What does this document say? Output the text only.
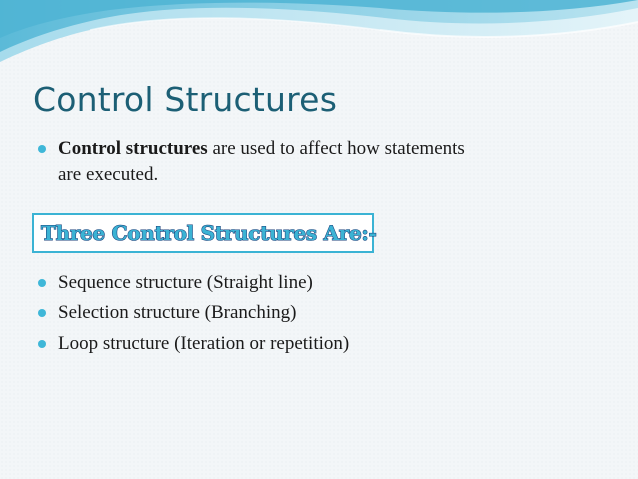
Control Structures
Control structures are used to affect how statements
are executed.
Three Control Structures Are:-
Sequence structure (Straight line)
Selection structure (Branching)
Loop structure (Iteration or repetition)
